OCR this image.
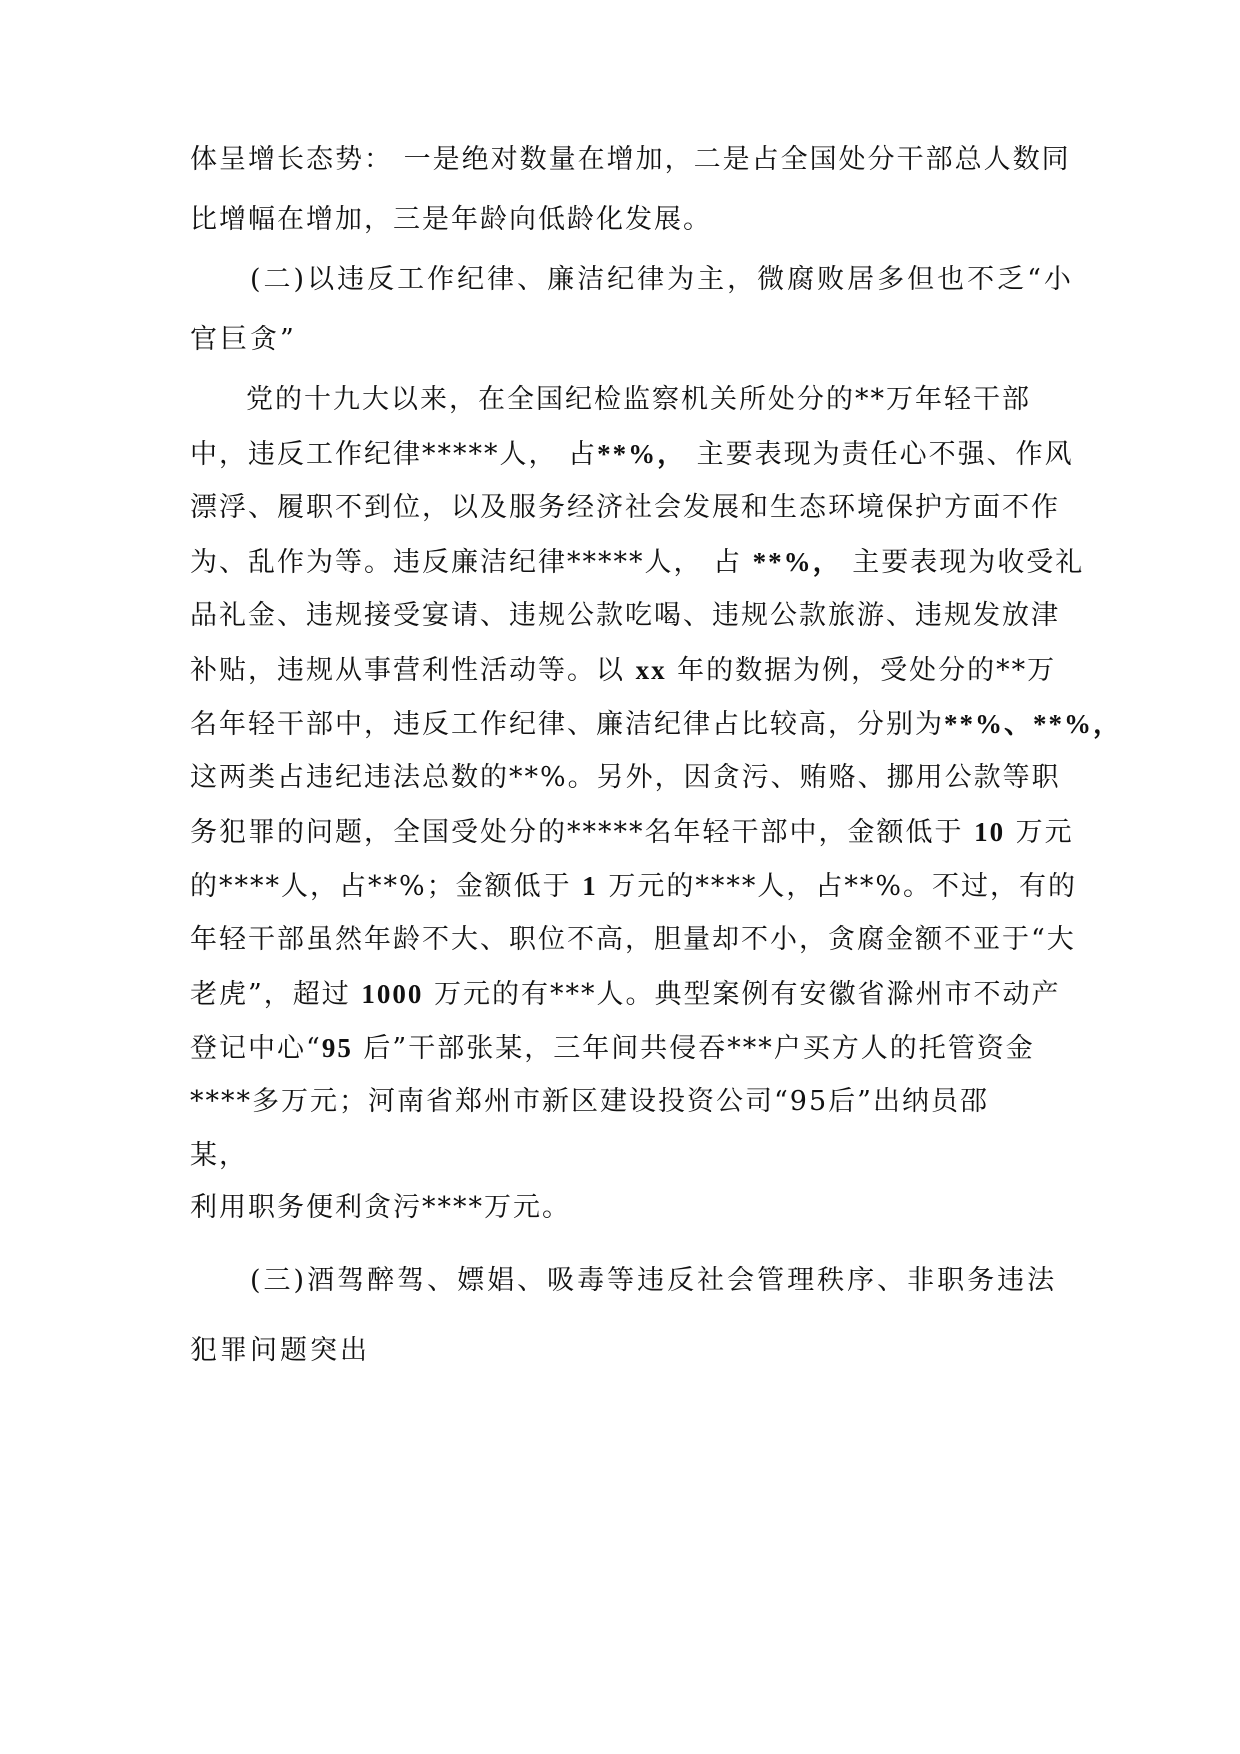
体呈增长态势： 一是绝对数量在增加，二是占全国处分干部总人数同
比增幅在增加，三是年龄向低龄化发展。
(二)以违反工作纪律、廉洁纪律为主，微腐败居多但也不乏“小
官巨贪”
党的十九大以来，在全国纪检监察机关所处分的**万年轻干部
中，违反工作纪律*****人， 占**%， 主要表现为责任心不强、作风
漂浮、履职不到位，以及服务经济社会发展和生态环境保护方面不作
为、乱作为等。违反廉洁纪律*****人， 占 **%， 主要表现为收受礼
品礼金、违规接受宴请、违规公款吃喝、违规公款旅游、违规发放津
补贴，违规从事营利性活动等。以 xx 年的数据为例，受处分的**万
名年轻干部中，违反工作纪律、廉洁纪律占比较高，分别为**%、**%，
这两类占违纪违法总数的**%。另外，因贪污、贿赂、挪用公款等职
务犯罪的问题，全国受处分的*****名年轻干部中，金额低于 10 万元
的****人，占**%；金额低于 1 万元的****人，占**%。不过，有的
年轻干部虽然年龄不大、职位不高，胆量却不小，贪腐金额不亚于“大
老虎”，超过 1000 万元的有***人。典型案例有安徽省滁州市不动产
登记中心“95 后”干部张某，三年间共侵吞***户买方人的托管资金
****多万元；河南省郑州市新区建设投资公司“95后”出纳员邵
某，
利用职务便利贪污****万元。
(三)酒驾醉驾、嫖娼、吸毒等违反社会管理秩序、非职务违法
犯罪问题突出
